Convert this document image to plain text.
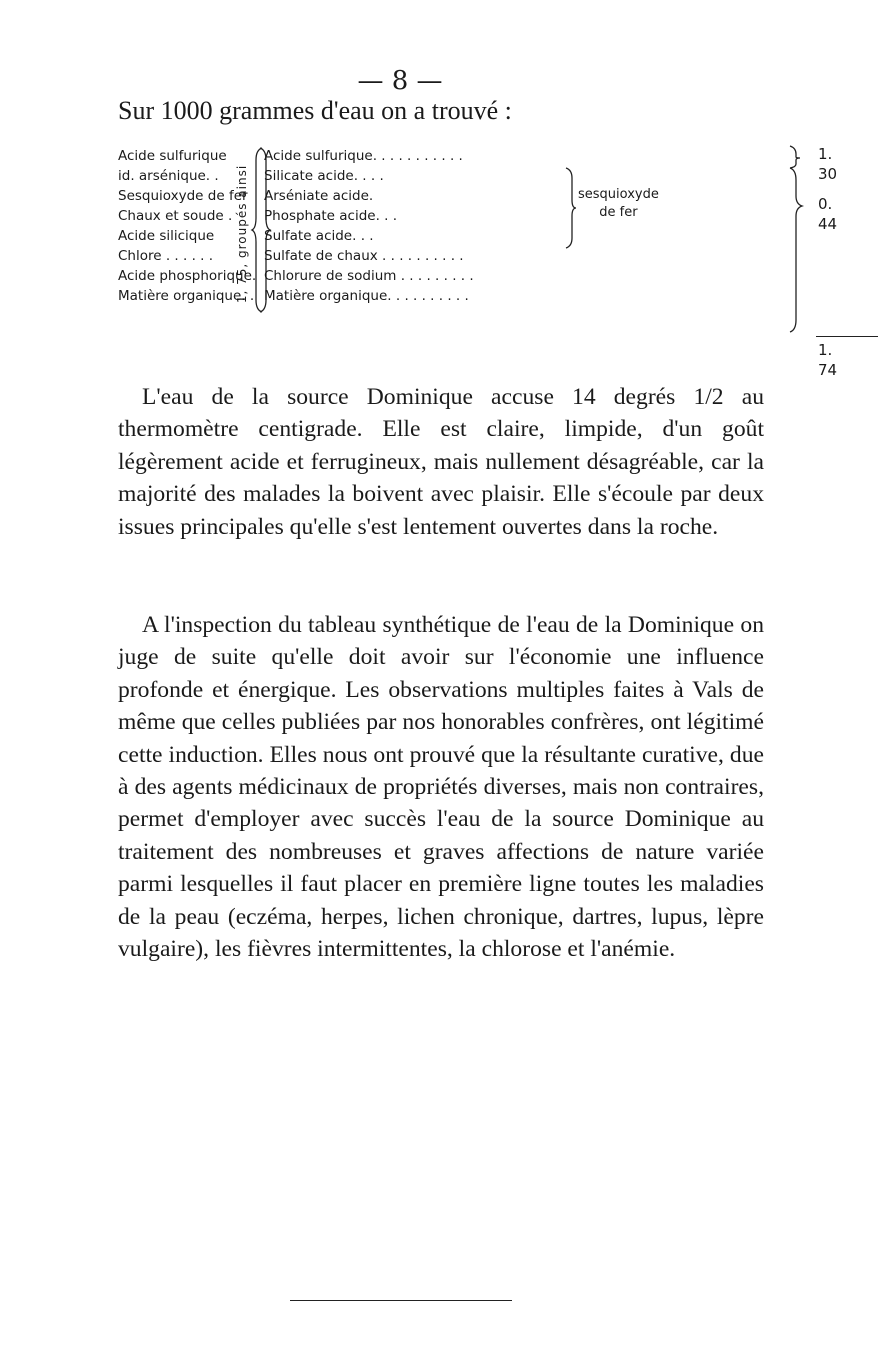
— 8 —
Sur 1000 grammes d'eau on a trouvé :
Acide sulfurique
id. arsénique. .
Sesquioxyde de fer
Chaux et soude .
Acide silicique
Chlore . . . . . .
Acide phosphorique.
Matière organique. .
1, 75, groupés ainsi
Acide sulfurique. . . . . . . . . . .
Silicate acide. . . .
Arséniate acide.
Phosphate acide. . .
Sulfate acide. . .
Sulfate de chaux . . . . . . . . . .
Chlorure de sodium . . . . . . . . .
Matière organique. . . . . . . . . .
sesquioxyde
de fer
1. 30
0. 44
1. 74

L'eau de la source Dominique accuse 14 degrés 1/2 au thermomètre centigrade. Elle est claire, limpide, d'un goût légèrement acide et ferrugineux, mais nullement désagréable, car la majorité des malades la boivent avec plaisir. Elle s'écoule par deux issues principales qu'elle s'est lentement ouvertes dans la roche.

A l'inspection du tableau synthétique de l'eau de la Dominique on juge de suite qu'elle doit avoir sur l'économie une influence profonde et énergique. Les observations multiples faites à Vals de même que celles publiées par nos honorables confrères, ont légitimé cette induction. Elles nous ont prouvé que la résultante curative, due à des agents médicinaux de propriétés diverses, mais non contraires, permet d'employer avec succès l'eau de la source Dominique au traitement des nombreuses et graves affections de nature variée parmi lesquelles il faut placer en première ligne toutes les maladies de la peau (eczéma, herpes, lichen chronique, dartres, lupus, lèpre vulgaire), les fièvres intermittentes, la chlorose et l'anémie.
